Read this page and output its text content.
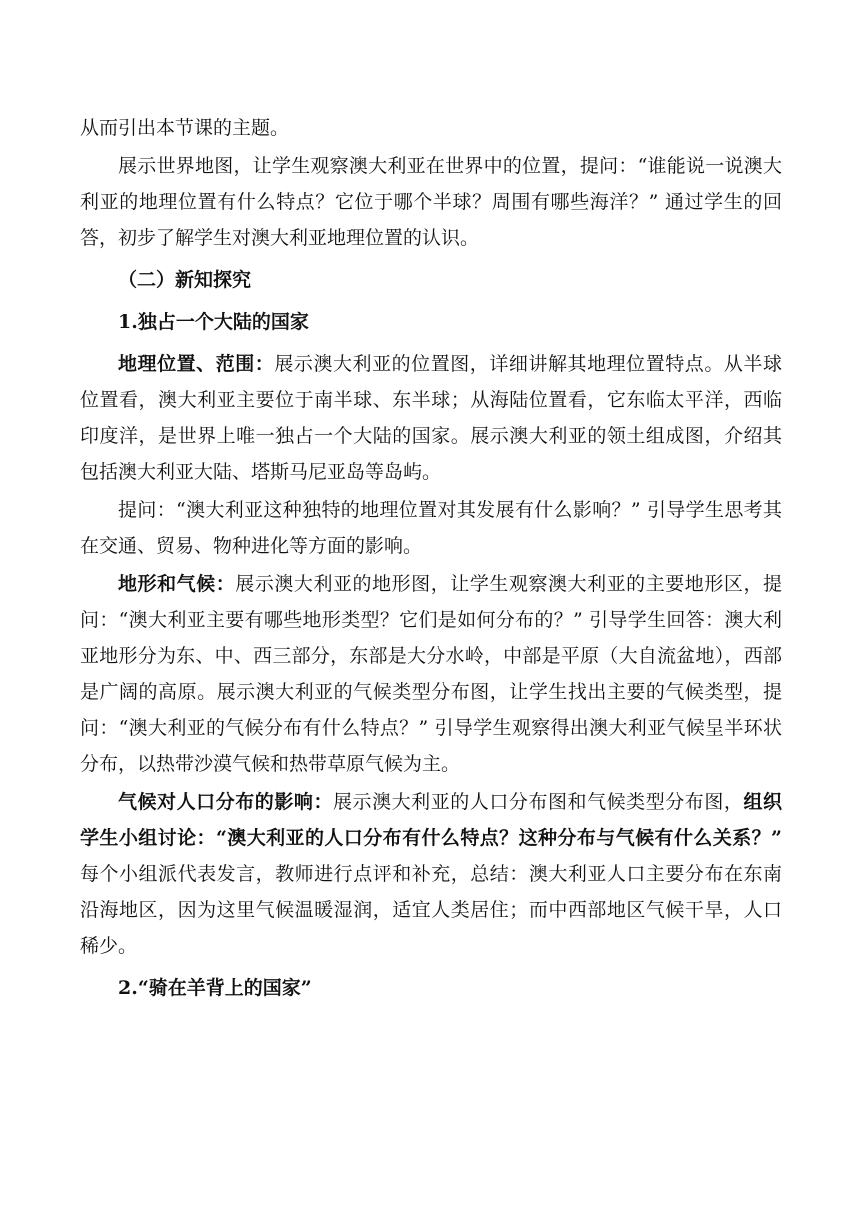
从而引出本节课的主题。

展示世界地图，让学生观察澳大利亚在世界中的位置，提问：“谁能说一说澳大利亚的地理位置有什么特点？它位于哪个半球？周围有哪些海洋？” 通过学生的回答，初步了解学生对澳大利亚地理位置的认识。

（二）新知探究

1.独占一个大陆的国家

地理位置、范围：展示澳大利亚的位置图，详细讲解其地理位置特点。从半球位置看，澳大利亚主要位于南半球、东半球；从海陆位置看，它东临太平洋，西临印度洋，是世界上唯一独占一个大陆的国家。展示澳大利亚的领土组成图，介绍其包括澳大利亚大陆、塔斯马尼亚岛等岛屿。

提问：“澳大利亚这种独特的地理位置对其发展有什么影响？” 引导学生思考其在交通、贸易、物种进化等方面的影响。

地形和气候：展示澳大利亚的地形图，让学生观察澳大利亚的主要地形区，提问：“澳大利亚主要有哪些地形类型？它们是如何分布的？” 引导学生回答：澳大利亚地形分为东、中、西三部分，东部是大分水岭，中部是平原（大自流盆地），西部是广阔的高原。展示澳大利亚的气候类型分布图，让学生找出主要的气候类型，提问：“澳大利亚的气候分布有什么特点？” 引导学生观察得出澳大利亚气候呈半环状分布，以热带沙漠气候和热带草原气候为主。

气候对人口分布的影响：展示澳大利亚的人口分布图和气候类型分布图，组织学生小组讨论：“澳大利亚的人口分布有什么特点？这种分布与气候有什么关系？” 每个小组派代表发言，教师进行点评和补充，总结：澳大利亚人口主要分布在东南沿海地区，因为这里气候温暖湿润，适宜人类居住；而中西部地区气候干旱，人口稀少。

2.“骑在羊背上的国家”
